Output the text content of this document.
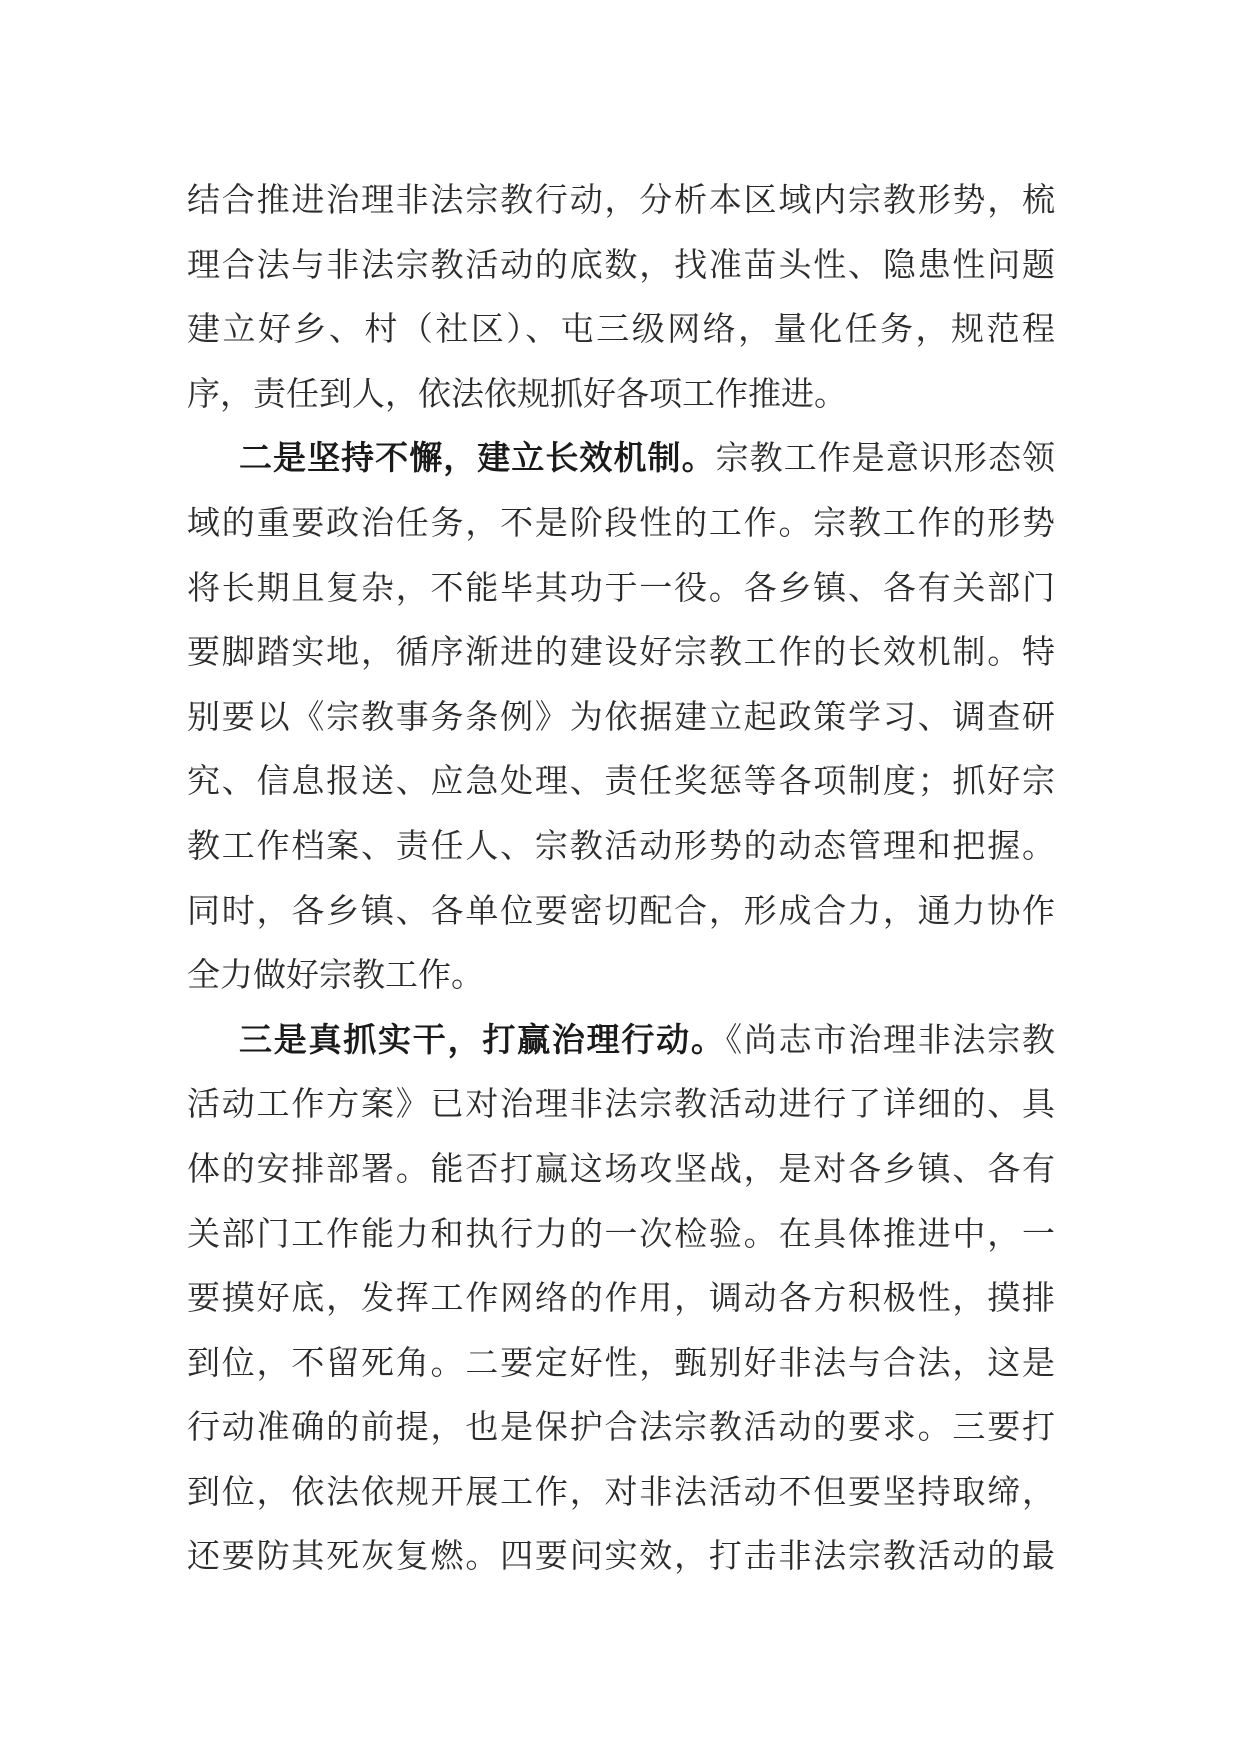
结合推进治理非法宗教行动，分析本区域内宗教形势，梳
理合法与非法宗教活动的底数，找准苗头性、隐患性问题
建立好乡、村（社区）、屯三级网络，量化任务，规范程
序，责任到人，依法依规抓好各项工作推进。
二是坚持不懈，建立长效机制。宗教工作是意识形态领
域的重要政治任务，不是阶段性的工作。宗教工作的形势
将长期且复杂，不能毕其功于一役。各乡镇、各有关部门
要脚踏实地，循序渐进的建设好宗教工作的长效机制。特
别要以《宗教事务条例》为依据建立起政策学习、调查研
究、信息报送、应急处理、责任奖惩等各项制度；抓好宗
教工作档案、责任人、宗教活动形势的动态管理和把握。
同时，各乡镇、各单位要密切配合，形成合力，通力协作
全力做好宗教工作。
三是真抓实干，打赢治理行动。《尚志市治理非法宗教
活动工作方案》已对治理非法宗教活动进行了详细的、具
体的安排部署。能否打赢这场攻坚战，是对各乡镇、各有
关部门工作能力和执行力的一次检验。在具体推进中，一
要摸好底，发挥工作网络的作用，调动各方积极性，摸排
到位，不留死角。二要定好性，甄别好非法与合法，这是
行动准确的前提，也是保护合法宗教活动的要求。三要打
到位，依法依规开展工作，对非法活动不但要坚持取缔，
还要防其死灰复燃。四要问实效，打击非法宗教活动的最
